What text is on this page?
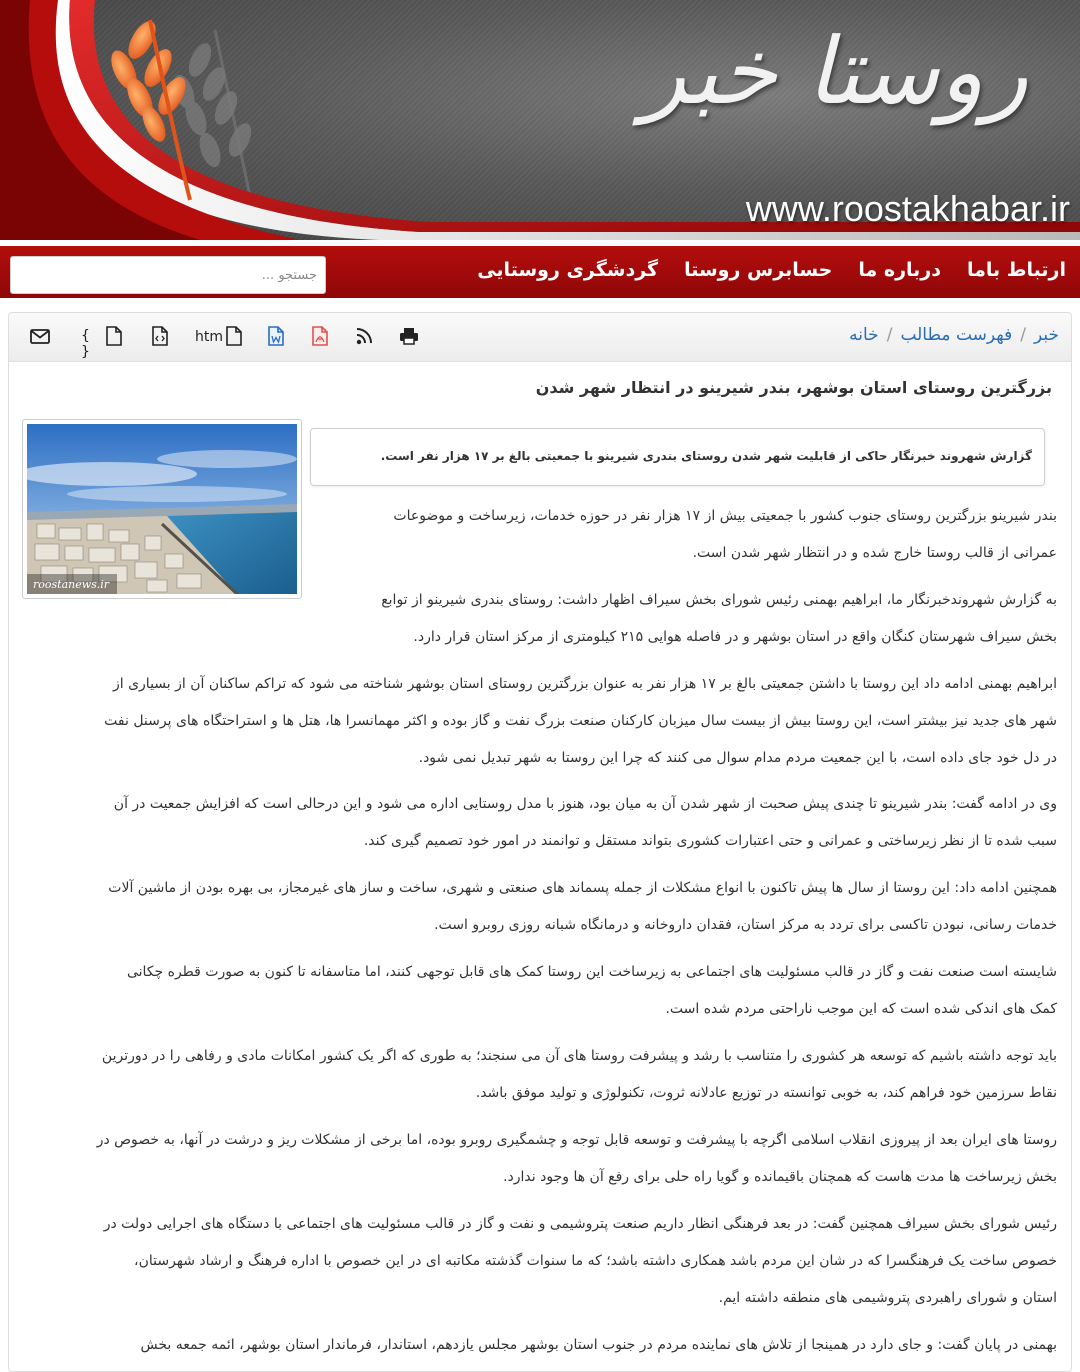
روستا خبر
www.roostakhabar.ir
گردشگری روستایی حسابرس روستا درباره ما ارتباط باما
جستجو ...
خانه / فهرست مطالب / خبر
{ }
htm
بزرگترین روستای استان بوشهر، بندر شیرینو در انتظار شهر شدن
گزارش شهروند خبرنگار حاکی از قابلیت شهر شدن روستای بندری شیرینو با جمعیتی بالغ بر ۱۷ هزار نفر است.
roostanews.ir
بندر شیرینو بزرگترین روستای جنوب کشور با جمعیتی بیش از ۱۷ هزار نفر در حوزه خدمات، زیرساخت و موضوعات
عمرانی از قالب روستا خارج شده و در انتظار شهر شدن است.
به گزارش شهروندخبرنگار ما، ابراهیم بهمنی رئیس شورای بخش سیراف اظهار داشت: روستای بندری شیرینو از توابع
بخش سیراف شهرستان کنگان واقع در استان بوشهر و در فاصله هوایی ۲۱۵ کیلومتری از مرکز استان قرار دارد.
ابراهیم بهمنی ادامه داد این روستا با داشتن جمعیتی بالغ بر ۱۷ هزار نفر به عنوان بزرگترین روستای استان بوشهر شناخته می شود که تراکم ساکنان آن از بسیاری از
شهر های جدید نیز بیشتر است، این روستا بیش از بیست سال میزبان کارکنان صنعت بزرگ نفت و گاز بوده و اکثر مهمانسرا ها، هتل ها و استراحتگاه های پرسنل نفت
در دل خود جای داده است، با این جمعیت مردم مدام سوال می کنند که چرا این روستا به شهر تبدیل نمی شود.
وی در ادامه گفت: بندر شیرینو تا چندی پیش صحبت از شهر شدن آن به میان بود، هنوز با مدل روستایی اداره می شود و این درحالی است که افزایش جمعیت در آن
سبب شده تا از نظر زیرساختی و عمرانی و حتی اعتبارات کشوری بتواند مستقل و توانمند در امور خود تصمیم گیری کند.
همچنین ادامه داد: این روستا از سال ها پیش تاکنون با انواع مشکلات از جمله پسماند های صنعتی و شهری، ساخت و ساز های غیرمجاز، بی بهره بودن از ماشین آلات
خدمات رسانی، نبودن تاکسی برای تردد به مرکز استان، فقدان داروخانه و درمانگاه شبانه روزی روبرو است.
شایسته است صنعت نفت و گاز در قالب مسئولیت های اجتماعی به زیرساخت این روستا کمک های قابل توجهی کنند، اما متاسفانه تا کنون به صورت قطره چکانی
کمک های اندکی شده است که این موجب ناراحتی مردم شده است.
باید توجه داشته باشیم که توسعه هر کشوری را متناسب با رشد و پیشرفت روستا های آن می سنجند؛ به طوری که اگر یک کشور امکانات مادی و رفاهی را در دورترین
نقاط سرزمین خود فراهم کند، به خوبی توانسته در توزیع عادلانه ثروت، تکنولوژی و تولید موفق باشد.
روستا های ایران بعد از پیروزی انقلاب اسلامی اگرچه با پیشرفت و توسعه قابل توجه و چشمگیری روبرو بوده، اما برخی از مشکلات ریز و درشت در آنها، به خصوص در
بخش زیرساخت ها مدت هاست که همچنان باقیمانده و گویا راه حلی برای رفع آن ها وجود ندارد.
رئیس شورای بخش سیراف همچنین گفت: در بعد فرهنگی انظار داریم صنعت پتروشیمی و نفت و گاز در قالب مسئولیت های اجتماعی با دستگاه های اجرایی دولت در
خصوص ساخت یک فرهنگسرا که در شان این مردم باشد همکاری داشته باشد؛ که ما سنوات گذشته مکاتبه ای در این خصوص با اداره فرهنگ و ارشاد شهرستان،
استان و شورای راهبردی پتروشیمی های منطقه داشته ایم.
بهمنی در پایان گفت: و جای دارد در همینجا از تلاش های نماینده مردم در جنوب استان بوشهر مجلس یازدهم، استاندار، فرماندار استان بوشهر، ائمه جمعه بخش
